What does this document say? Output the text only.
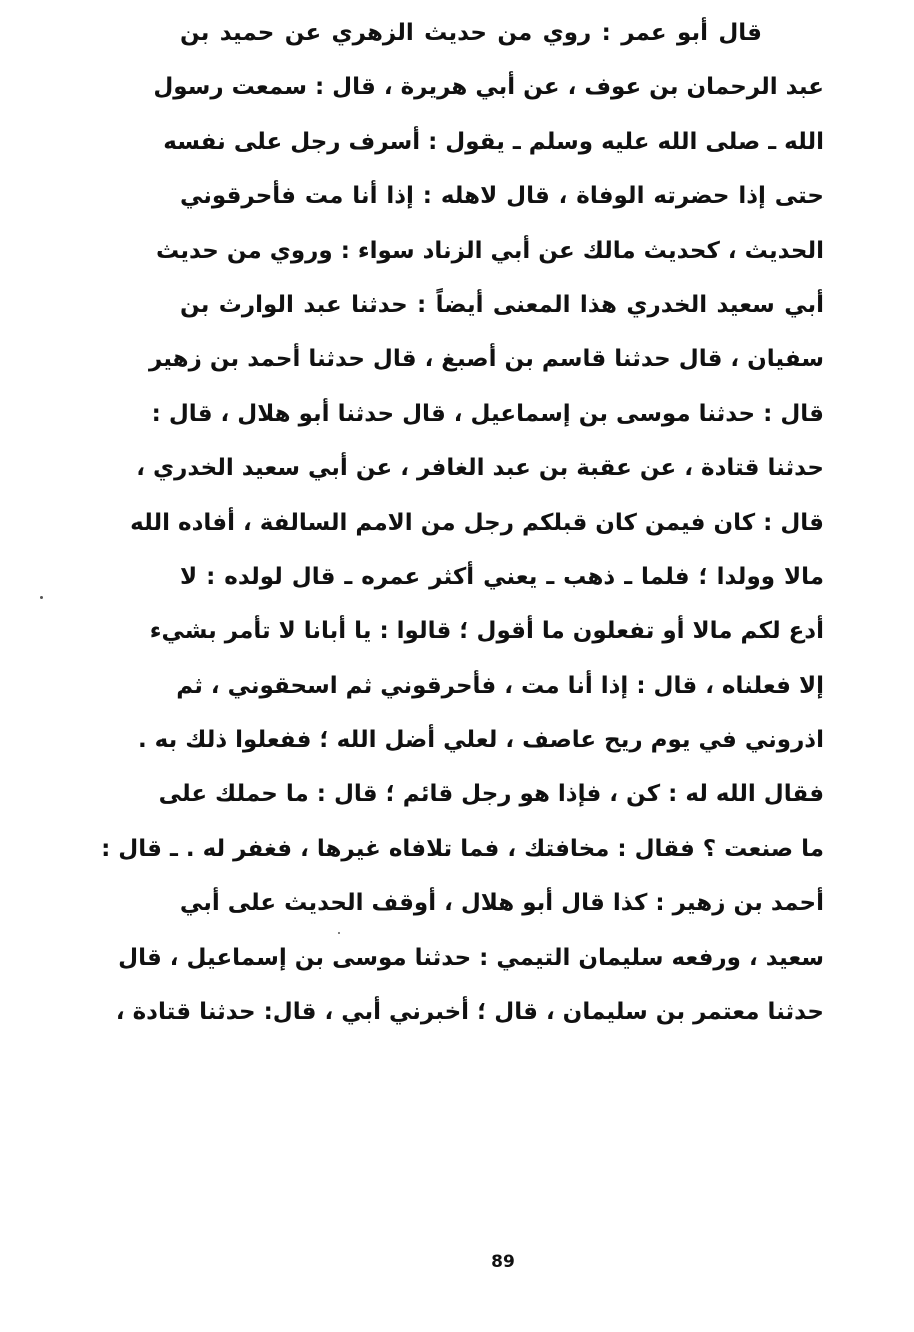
قال أبو عمر : روي من حديث الزهري عن حميد بن
عبد الرحمان بن عوف ، عن أبي هريرة ، قال : سمعت رسول
الله ـ صلى الله عليه وسلم ـ يقول : أسرف رجل على نفسه
حتى إذا حضرته الوفاة ، قال لاهله : إذا أنا مت فأحرقوني
الحديث ، كحديث مالك عن أبي الزناد سواء : وروي من حديث
أبي سعيد الخدري هذا المعنى أيضاً : حدثنا عبد الوارث بن
سفيان ، قال حدثنا قاسم بن أصبغ ، قال حدثنا أحمد بن زهير
قال : حدثنا موسى بن إسماعيل ، قال حدثنا أبو هلال ، قال :
حدثنا قتادة ، عن عقبة بن عبد الغافر ، عن أبي سعيد الخدري ،
قال : كان فيمن كان قبلكم رجل من الامم السالفة ، أفاده الله
مالا وولدا ؛ فلما ـ ذهب ـ يعني أكثر عمره ـ قال لولده : لا
أدع لكم مالا أو تفعلون ما أقول ؛ قالوا : يا أبانا لا تأمر بشيء
إلا فعلناه ، قال : إذا أنا مت ، فأحرقوني ثم اسحقوني ، ثم
اذروني في يوم ريح عاصف ، لعلي أضل الله ؛ ففعلوا ذلك به .
فقال الله له : كن ، فإذا هو رجل قائم ؛ قال : ما حملك على
ما صنعت ؟ فقال : مخافتك ، فما تلافاه غيرها ، فغفر له . ـ قال :
أحمد بن زهير : كذا قال أبو هلال ، أوقف الحديث على أبي
سعيد ، ورفعه سليمان التيمي : حدثنا موسى بن إسماعيل ، قال
حدثنا معتمر بن سليمان ، قال ؛ أخبرني أبي ، قال: حدثنا قتادة ،
89
